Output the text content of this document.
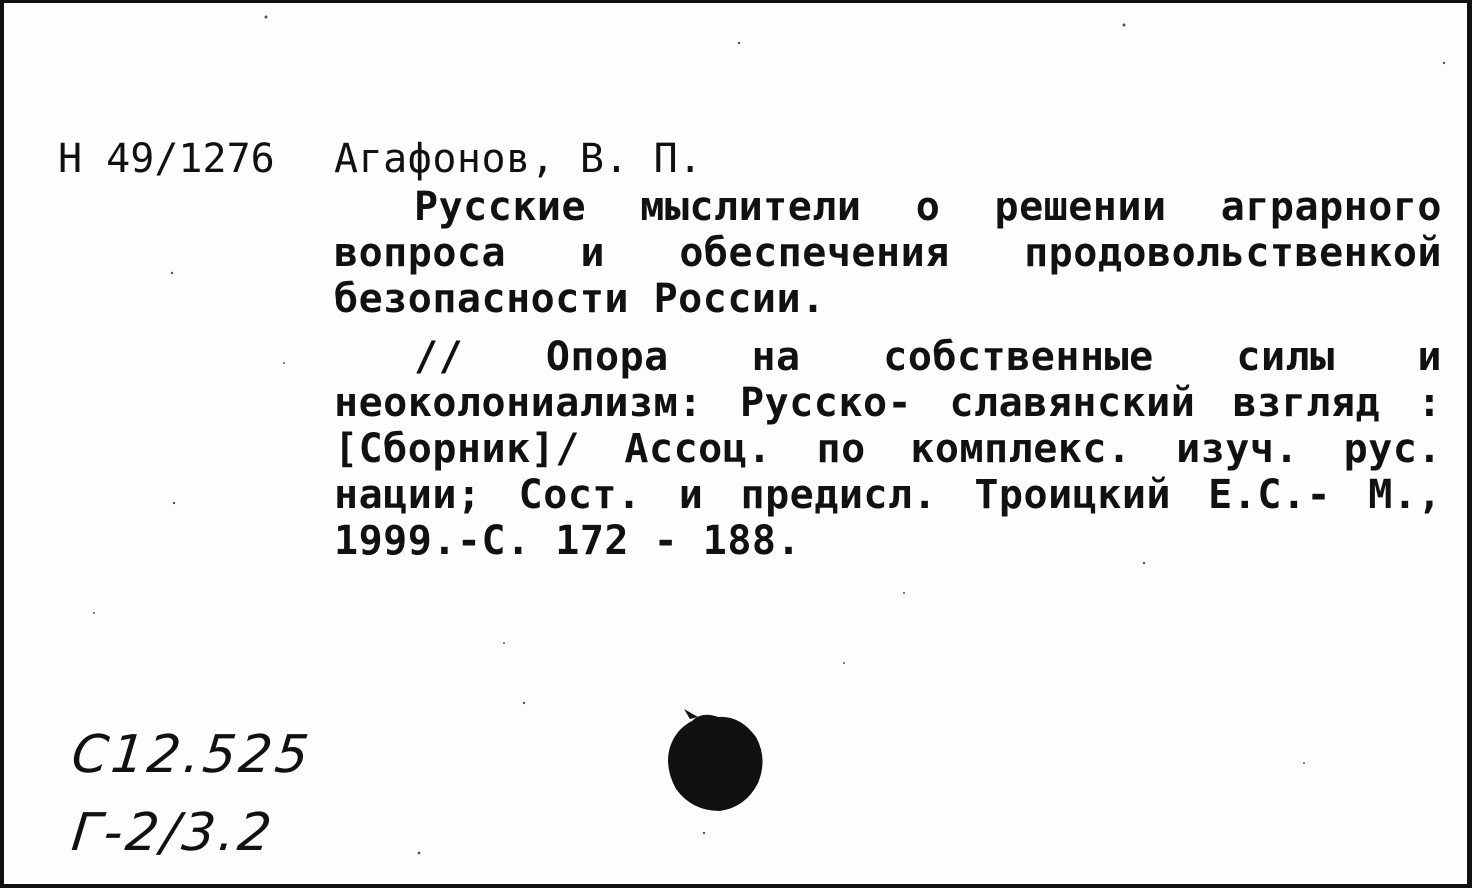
Н 49/1276 Агафонов, В. П.

Русские мыслители о решении аграрного вопроса и обеспечения продовольственкой безопасности России.

// Опора на собственные силы и неоколониализм: Русско- славянский взгляд : [Сборник]/ Ассоц. по комплекс. изуч. рус. нации; Сост. и предисл. Троицкий Е.С.- М., 1999.-С. 172 - 188.

С12.525
Г-2/3.2
